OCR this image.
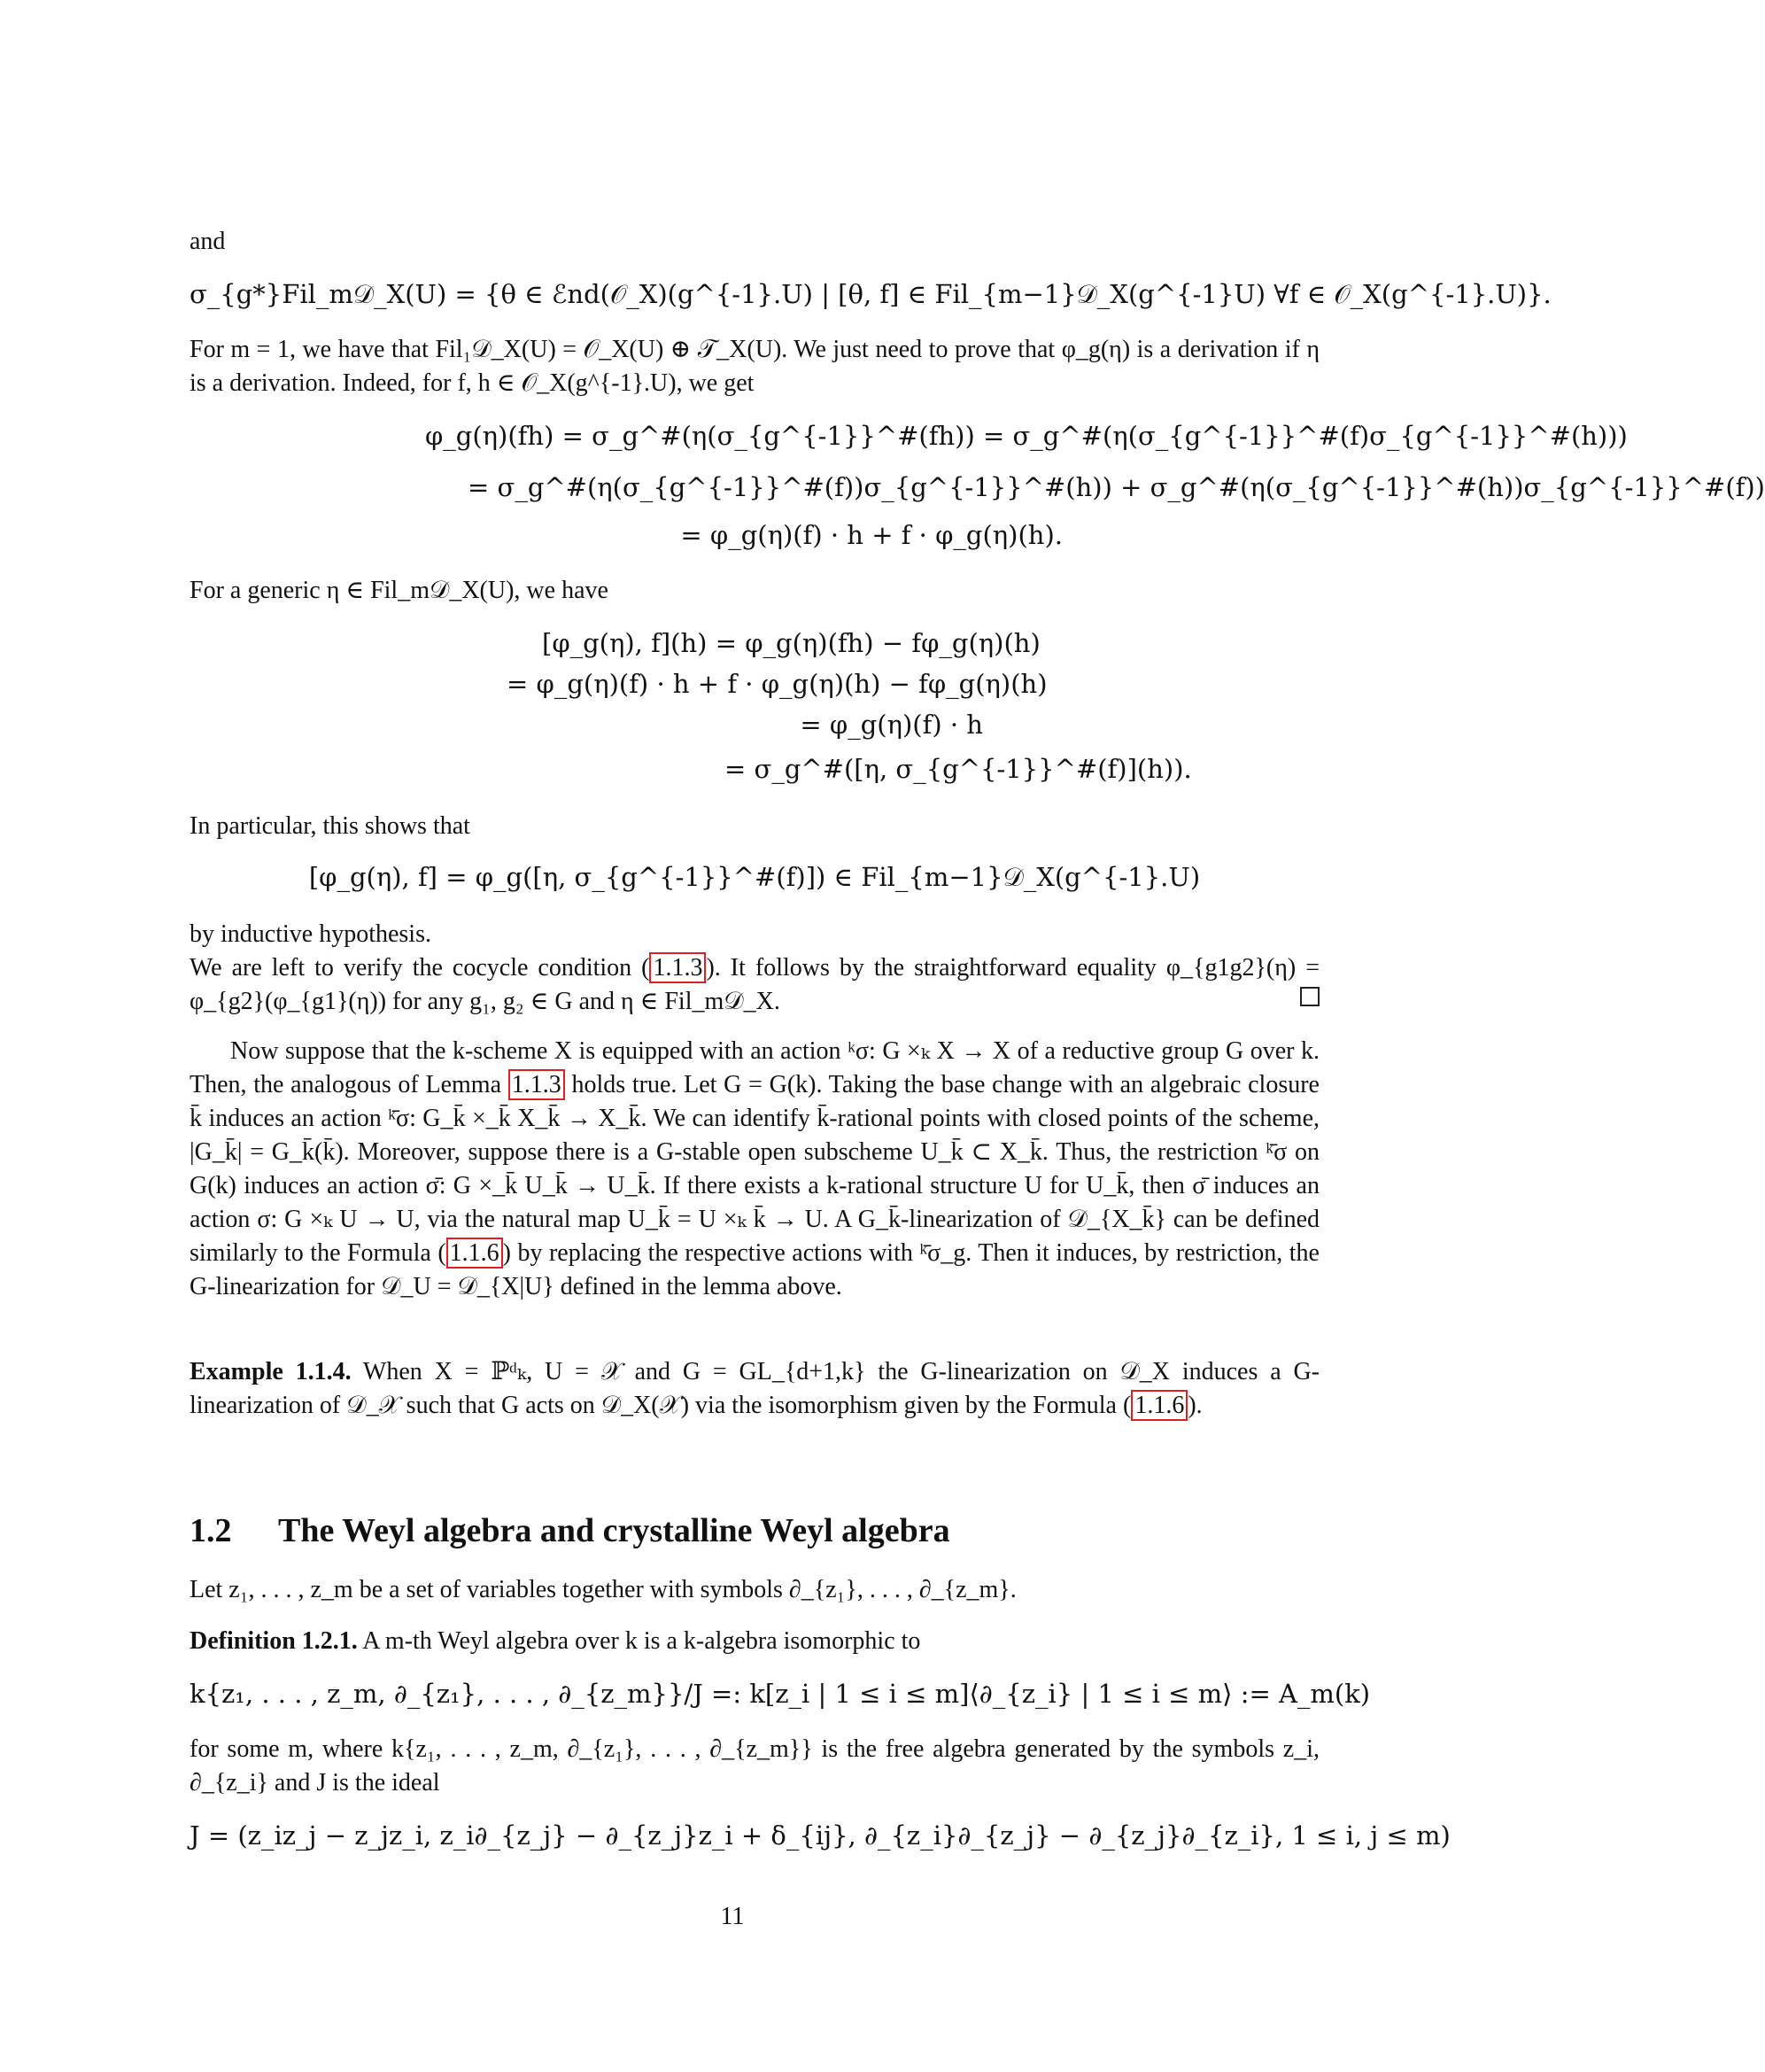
and
σ_{g*}Fil_m𝒟_X(U) = {θ ∈ ℰnd(𝒪_X)(g^{-1}.U) | [θ, f] ∈ Fil_{m−1}𝒟_X(g^{-1}U) ∀f ∈ 𝒪_X(g^{-1}.U)}.
For m = 1, we have that Fil₁𝒟_X(U) = 𝒪_X(U) ⊕ 𝒯_X(U). We just need to prove that φ_g(η) is a derivation if η is a derivation. Indeed, for f, h ∈ 𝒪_X(g^{-1}.U), we get
φ_g(η)(fh) = σ_g^#(η(σ_{g^{-1}}^#(fh)) = σ_g^#(η(σ_{g^{-1}}^#(f)σ_{g^{-1}}^#(h)))
= σ_g^#(η(σ_{g^{-1}}^#(f))σ_{g^{-1}}^#(h)) + σ_g^#(η(σ_{g^{-1}}^#(h))σ_{g^{-1}}^#(f))
= φ_g(η)(f) · h + f · φ_g(η)(h).
For a generic η ∈ Fil_m𝒟_X(U), we have
[φ_g(η), f](h) = φ_g(η)(fh) − fφ_g(η)(h)
= φ_g(η)(f) · h + f · φ_g(η)(h) − fφ_g(η)(h)
= φ_g(η)(f) · h
= σ_g^#([η, σ_{g^{-1}}^#(f)](h)).
In particular, this shows that
[φ_g(η), f] = φ_g([η, σ_{g^{-1}}^#(f)]) ∈ Fil_{m−1}𝒟_X(g^{-1}.U)
by inductive hypothesis.
We are left to verify the cocycle condition ( 1.1.3 ). It follows by the straightforward equality φ_{g1g2}(η) = φ_{g2}(φ_{g1}(η)) for any g₁, g₂ ∈ G and η ∈ Fil_m𝒟_X.
Now suppose that the k-scheme X is equipped with an action ᵏσ: G ×ₖ X → X of a reductive group G over k. Then, the analogous of Lemma 1.1.3 holds true. Let G = G(k). Taking the base change with an algebraic closure k̄ induces an action ᵏ̄σ: G_k̄ ×_k̄ X_k̄ → X_k̄. We can identify k̄-rational points with closed points of the scheme, |G_k̄| = G_k̄(k̄). Moreover, suppose there is a G-stable open subscheme U_k̄ ⊂ X_k̄. Thus, the restriction ᵏ̄σ on G(k) induces an action σ̄: G ×_k̄ U_k̄ → U_k̄. If there exists a k-rational structure U for U_k̄, then σ̄ induces an action σ: G ×ₖ U → U, via the natural map U_k̄ = U ×ₖ k̄ → U. A G_k̄-linearization of 𝒟_{X_k̄} can be defined similarly to the Formula ( 1.1.6 ) by replacing the respective actions with ᵏ̄σ_g. Then it induces, by restriction, the G-linearization for 𝒟_U = 𝒟_{X|U} defined in the lemma above.
Example 1.1.4. When X = ℙᵈₖ, U = 𝒳 and G = GL_{d+1,k} the G-linearization on 𝒟_X induces a G-linearization of 𝒟_𝒳 such that G acts on 𝒟_X(𝒳) via the isomorphism given by the Formula ( 1.1.6 ).
1.2 The Weyl algebra and crystalline Weyl algebra
Let z₁, . . . , z_m be a set of variables together with symbols ∂_{z₁}, . . . , ∂_{z_m}.
Definition 1.2.1. A m-th Weyl algebra over k is a k-algebra isomorphic to
k{z₁, . . . , z_m, ∂_{z₁}, . . . , ∂_{z_m}}/J =: k[z_i | 1 ≤ i ≤ m]⟨∂_{z_i} | 1 ≤ i ≤ m⟩ := A_m(k)
for some m, where k{z₁, . . . , z_m, ∂_{z₁}, . . . , ∂_{z_m}} is the free algebra generated by the symbols z_i, ∂_{z_i} and J is the ideal
J = (z_iz_j − z_jz_i, z_i∂_{z_j} − ∂_{z_j}z_i + δ_{ij}, ∂_{z_i}∂_{z_j} − ∂_{z_j}∂_{z_i}, 1 ≤ i, j ≤ m)
11
